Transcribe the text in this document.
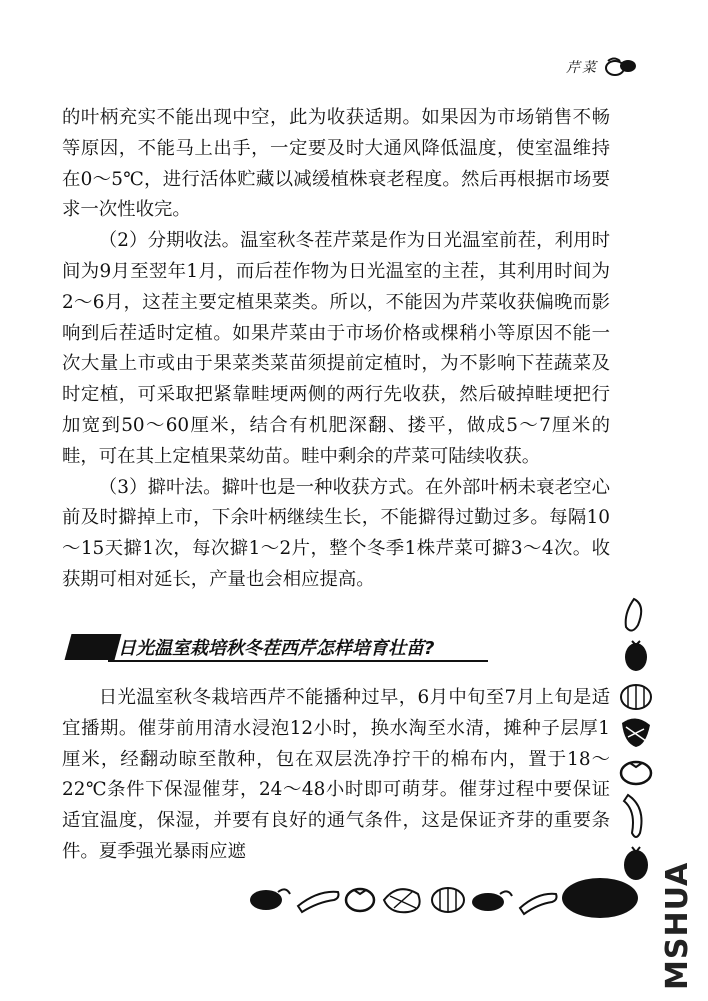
芹菜

的叶柄充实不能出现中空，此为收获适期。如果因为市场销售不畅等原因，不能马上出手，一定要及时大通风降低温度，使室温维持在0～5℃，进行活体贮藏以减缓植株衰老程度。然后再根据市场要求一次性收完。

（2）分期收法。温室秋冬茬芹菜是作为日光温室前茬，利用时间为9月至翌年1月，而后茬作物为日光温室的主茬，其利用时间为2～6月，这茬主要定植果菜类。所以，不能因为芹菜收获偏晚而影响到后茬适时定植。如果芹菜由于市场价格或棵稍小等原因不能一次大量上市或由于果菜类菜苗须提前定植时，为不影响下茬蔬菜及时定植，可采取把紧靠畦埂两侧的两行先收获，然后破掉畦埂把行加宽到50～60厘米，结合有机肥深翻、搂平，做成5～7厘米的畦，可在其上定植果菜幼苗。畦中剩余的芹菜可陆续收获。

（3）擗叶法。擗叶也是一种收获方式。在外部叶柄未衰老空心前及时擗掉上市，下余叶柄继续生长，不能擗得过勤过多。每隔10～15天擗1次，每次擗1～2片，整个冬季1株芹菜可擗3～4次。收获期可相对延长，产量也会相应提高。

日光温室栽培秋冬茬西芹怎样培育壮苗?

日光温室秋冬栽培西芹不能播种过早，6月中旬至7月上旬是适宜播期。催芽前用清水浸泡12小时，换水淘至水清，摊种子层厚1厘米，经翻动晾至散种，包在双层洗净拧干的棉布内，置于18～22℃条件下保湿催芽，24～48小时即可萌芽。催芽过程中要保证适宜温度，保湿，并要有良好的通气条件，这是保证齐芽的重要条件。夏季强光暴雨应遮

MSHUA
